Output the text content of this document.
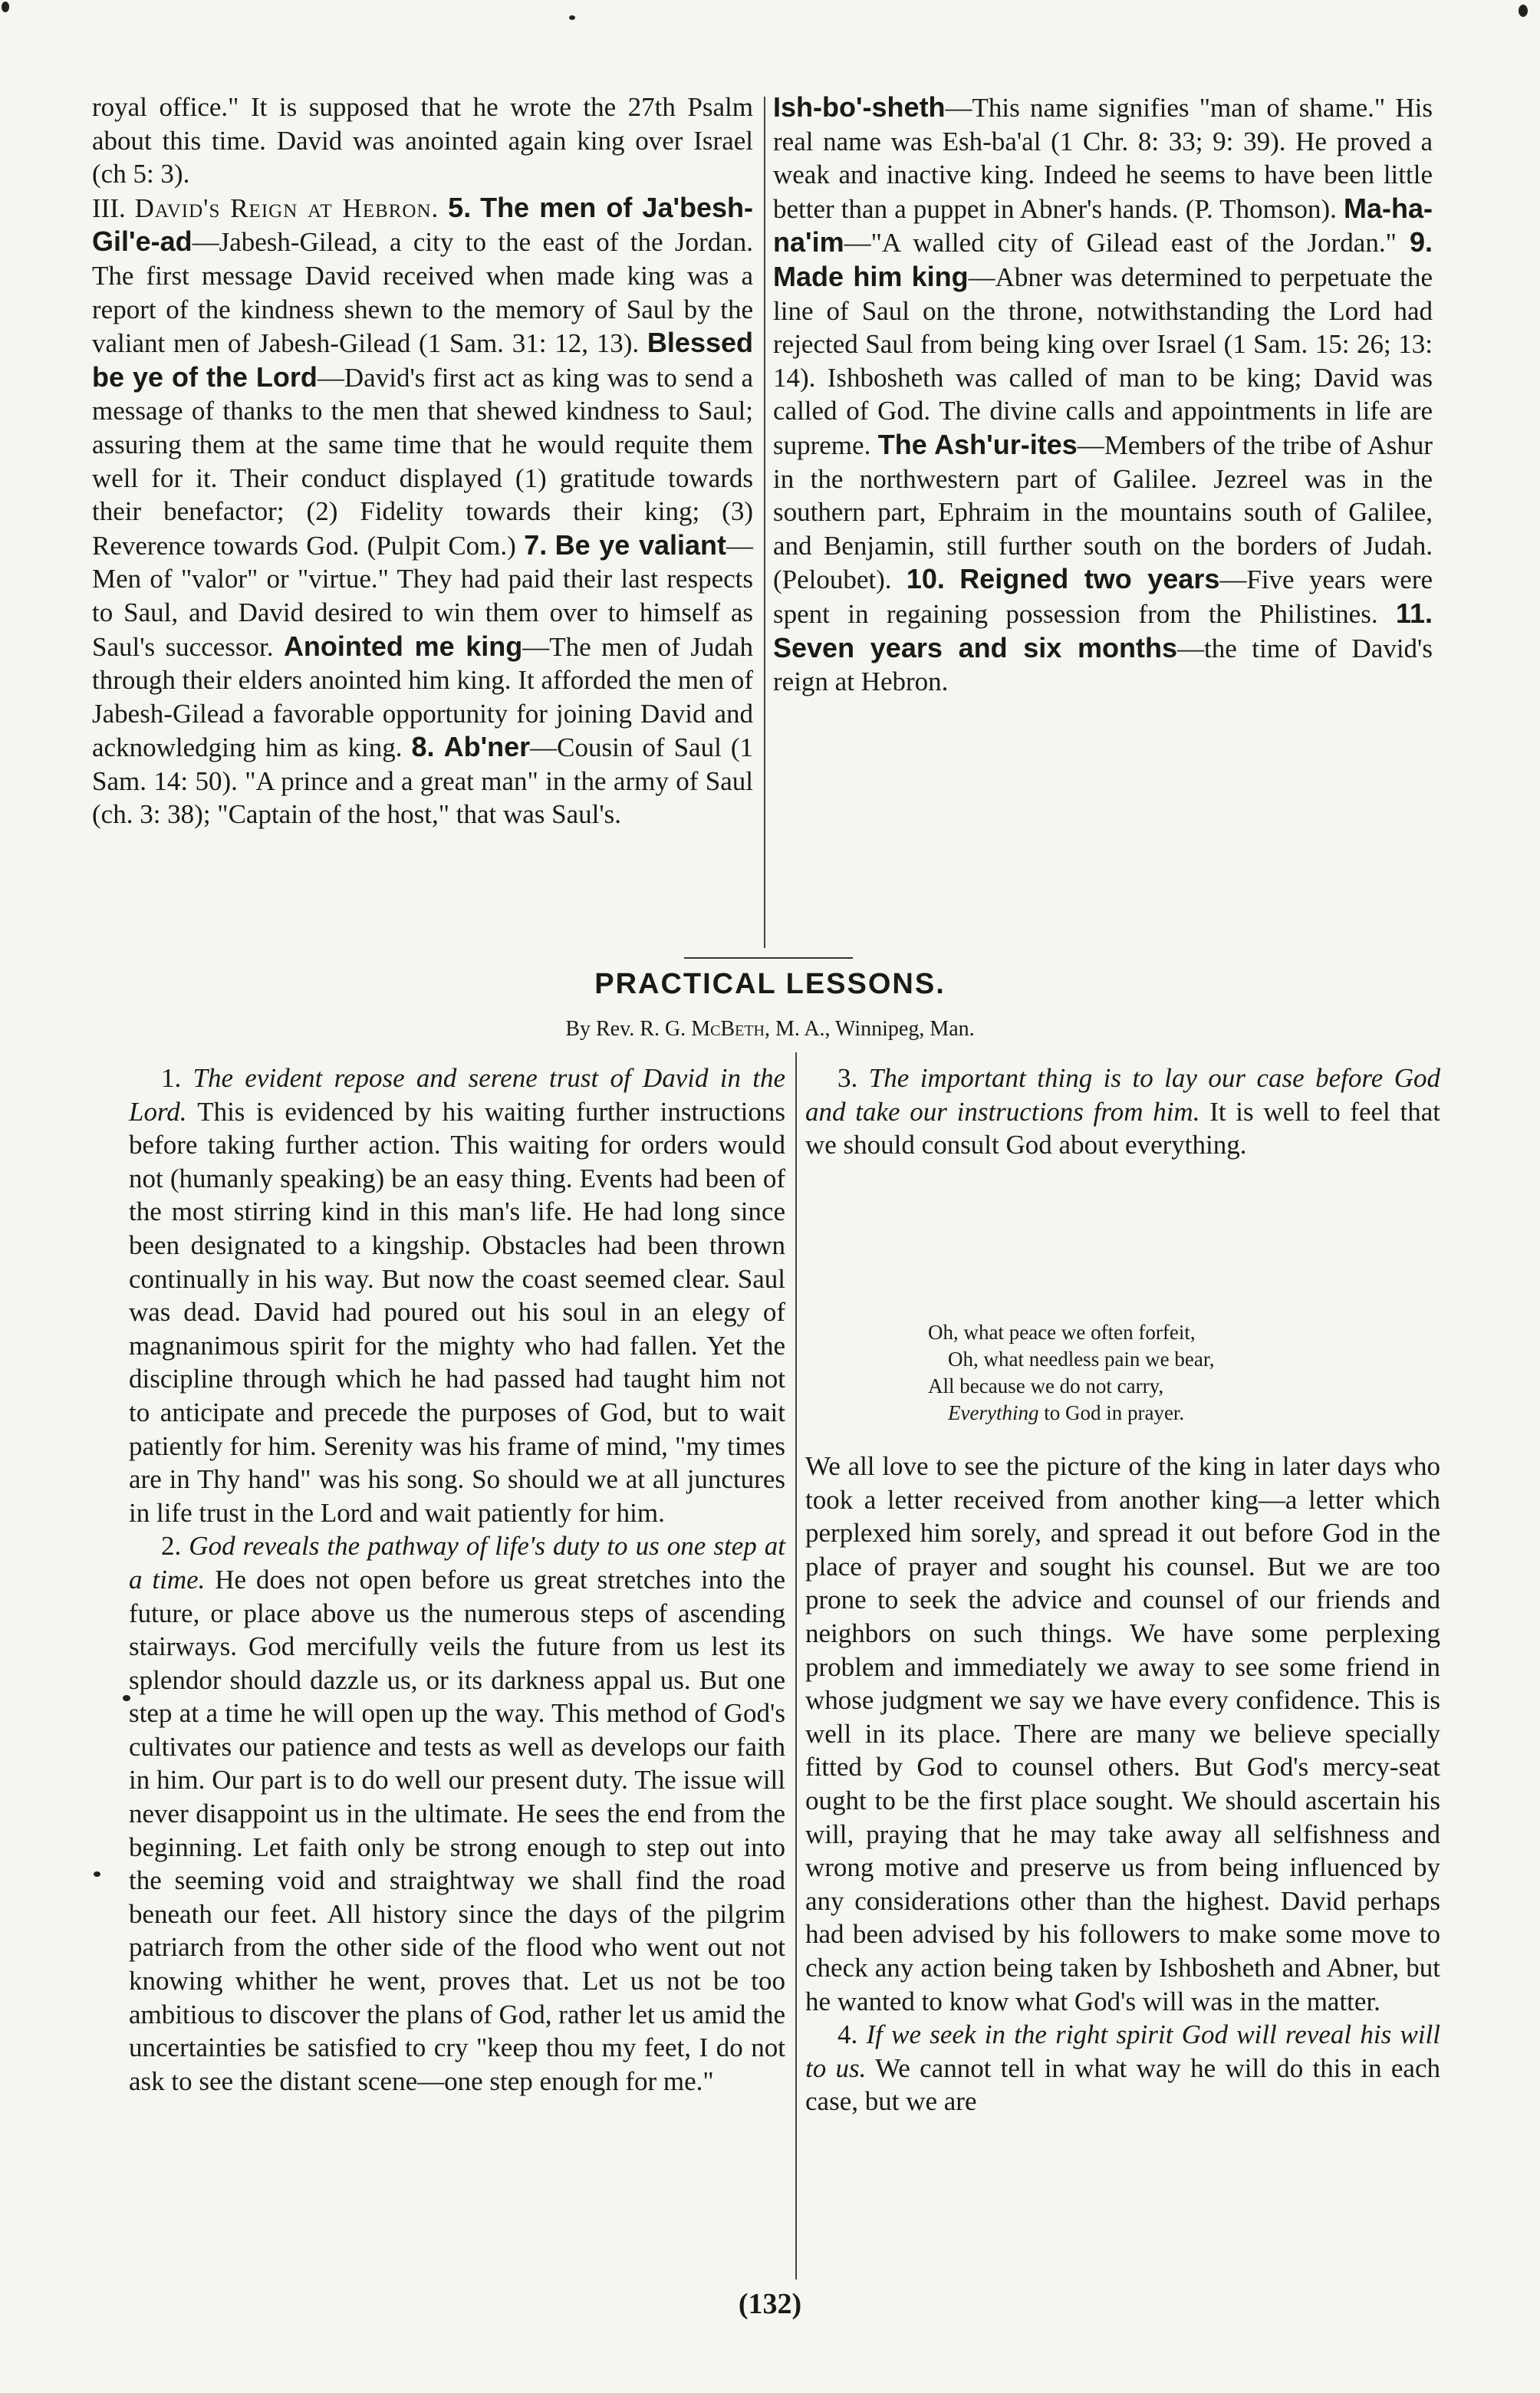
royal office." It is supposed that he wrote the 27th Psalm about this time. David was anointed again king over Israel (ch 5: 3).

III. David's Reign at Hebron. 5. The men of Ja'besh-Gil'e-ad—Jabesh-Gilead, a city to the east of the Jordan. The first message David received when made king was a report of the kindness shewn to the memory of Saul by the valiant men of Jabesh-Gilead (1 Sam. 31: 12, 13). Blessed be ye of the Lord—David's first act as king was to send a message of thanks to the men that shewed kindness to Saul; assuring them at the same time that he would requite them well for it. Their conduct displayed (1) gratitude towards their benefactor; (2) Fidelity towards their king; (3) Reverence towards God. (Pulpit Com.) 7. Be ye valiant—Men of "valor" or "virtue." They had paid their last respects to Saul, and David desired to win them over to himself as Saul's successor. Anointed me king—The men of Judah through their elders anointed him king. It afforded the men of Jabesh-Gilead a favorable opportunity for joining David and acknowledging him as king. 8. Ab'ner—Cousin of Saul (1 Sam. 14: 50). "A prince and a great man" in the army of Saul (ch. 3: 38); "Captain of the host," that was Saul's.

Ish-bo'-sheth—This name signifies "man of shame." His real name was Esh-ba'al (1 Chr. 8: 33; 9: 39). He proved a weak and inactive king. Indeed he seems to have been little better than a puppet in Abner's hands. (P. Thomson). Ma-ha-na'im—"A walled city of Gilead east of the Jordan." 9. Made him king—Abner was determined to perpetuate the line of Saul on the throne, notwithstanding the Lord had rejected Saul from being king over Israel (1 Sam. 15: 26; 13: 14). Ishbosheth was called of man to be king; David was called of God. The divine calls and appointments in life are supreme. The Ash'ur-ites—Members of the tribe of Ashur in the northwestern part of Galilee. Jezreel was in the southern part, Ephraim in the mountains south of Galilee, and Benjamin, still further south on the borders of Judah. (Peloubet). 10. Reigned two years—Five years were spent in regaining possession from the Philistines. 11. Seven years and six months—the time of David's reign at Hebron.

PRACTICAL LESSONS.
By Rev. R. G. McBeth, M. A., Winnipeg, Man.

1. The evident repose and serene trust of David in the Lord. This is evidenced by his waiting further instructions before taking further action. This waiting for orders would not (humanly speaking) be an easy thing. Events had been of the most stirring kind in this man's life. He had long since been designated to a kingship. Obstacles had been thrown continually in his way. But now the coast seemed clear. Saul was dead. David had poured out his soul in an elegy of magnanimous spirit for the mighty who had fallen. Yet the discipline through which he had passed had taught him not to anticipate and precede the purposes of God, but to wait patiently for him. Serenity was his frame of mind, "my times are in Thy hand" was his song. So should we at all junctures in life trust in the Lord and wait patiently for him.

2. God reveals the pathway of life's duty to us one step at a time. He does not open before us great stretches into the future, or place above us the numerous steps of ascending stairways. God mercifully veils the future from us lest its splendor should dazzle us, or its darkness appal us. But one step at a time he will open up the way. This method of God's cultivates our patience and tests as well as develops our faith in him. Our part is to do well our present duty. The issue will never disappoint us in the ultimate. He sees the end from the beginning. Let faith only be strong enough to step out into the seeming void and straightway we shall find the road beneath our feet. All history since the days of the pilgrim patriarch from the other side of the flood who went out not knowing whither he went, proves that. Let us not be too ambitious to discover the plans of God, rather let us amid the uncertainties be satisfied to cry "keep thou my feet, I do not ask to see the distant scene—one step enough for me."

3. The important thing is to lay our case before God and take our instructions from him. It is well to feel that we should consult God about everything.

Oh, what peace we often forfeit,
Oh, what needless pain we bear,
All because we do not carry,
Everything to God in prayer.

We all love to see the picture of the king in later days who took a letter received from another king—a letter which perplexed him sorely, and spread it out before God in the place of prayer and sought his counsel. But we are too prone to seek the advice and counsel of our friends and neighbors on such things. We have some perplexing problem and immediately we away to see some friend in whose judgment we say we have every confidence. This is well in its place. There are many we believe specially fitted by God to counsel others. But God's mercy-seat ought to be the first place sought. We should ascertain his will, praying that he may take away all selfishness and wrong motive and preserve us from being influenced by any considerations other than the highest. David perhaps had been advised by his followers to make some move to check any action being taken by Ishbosheth and Abner, but he wanted to know what God's will was in the matter.

4. If we seek in the right spirit God will reveal his will to us. We cannot tell in what way he will do this in each case, but we are

(132)
